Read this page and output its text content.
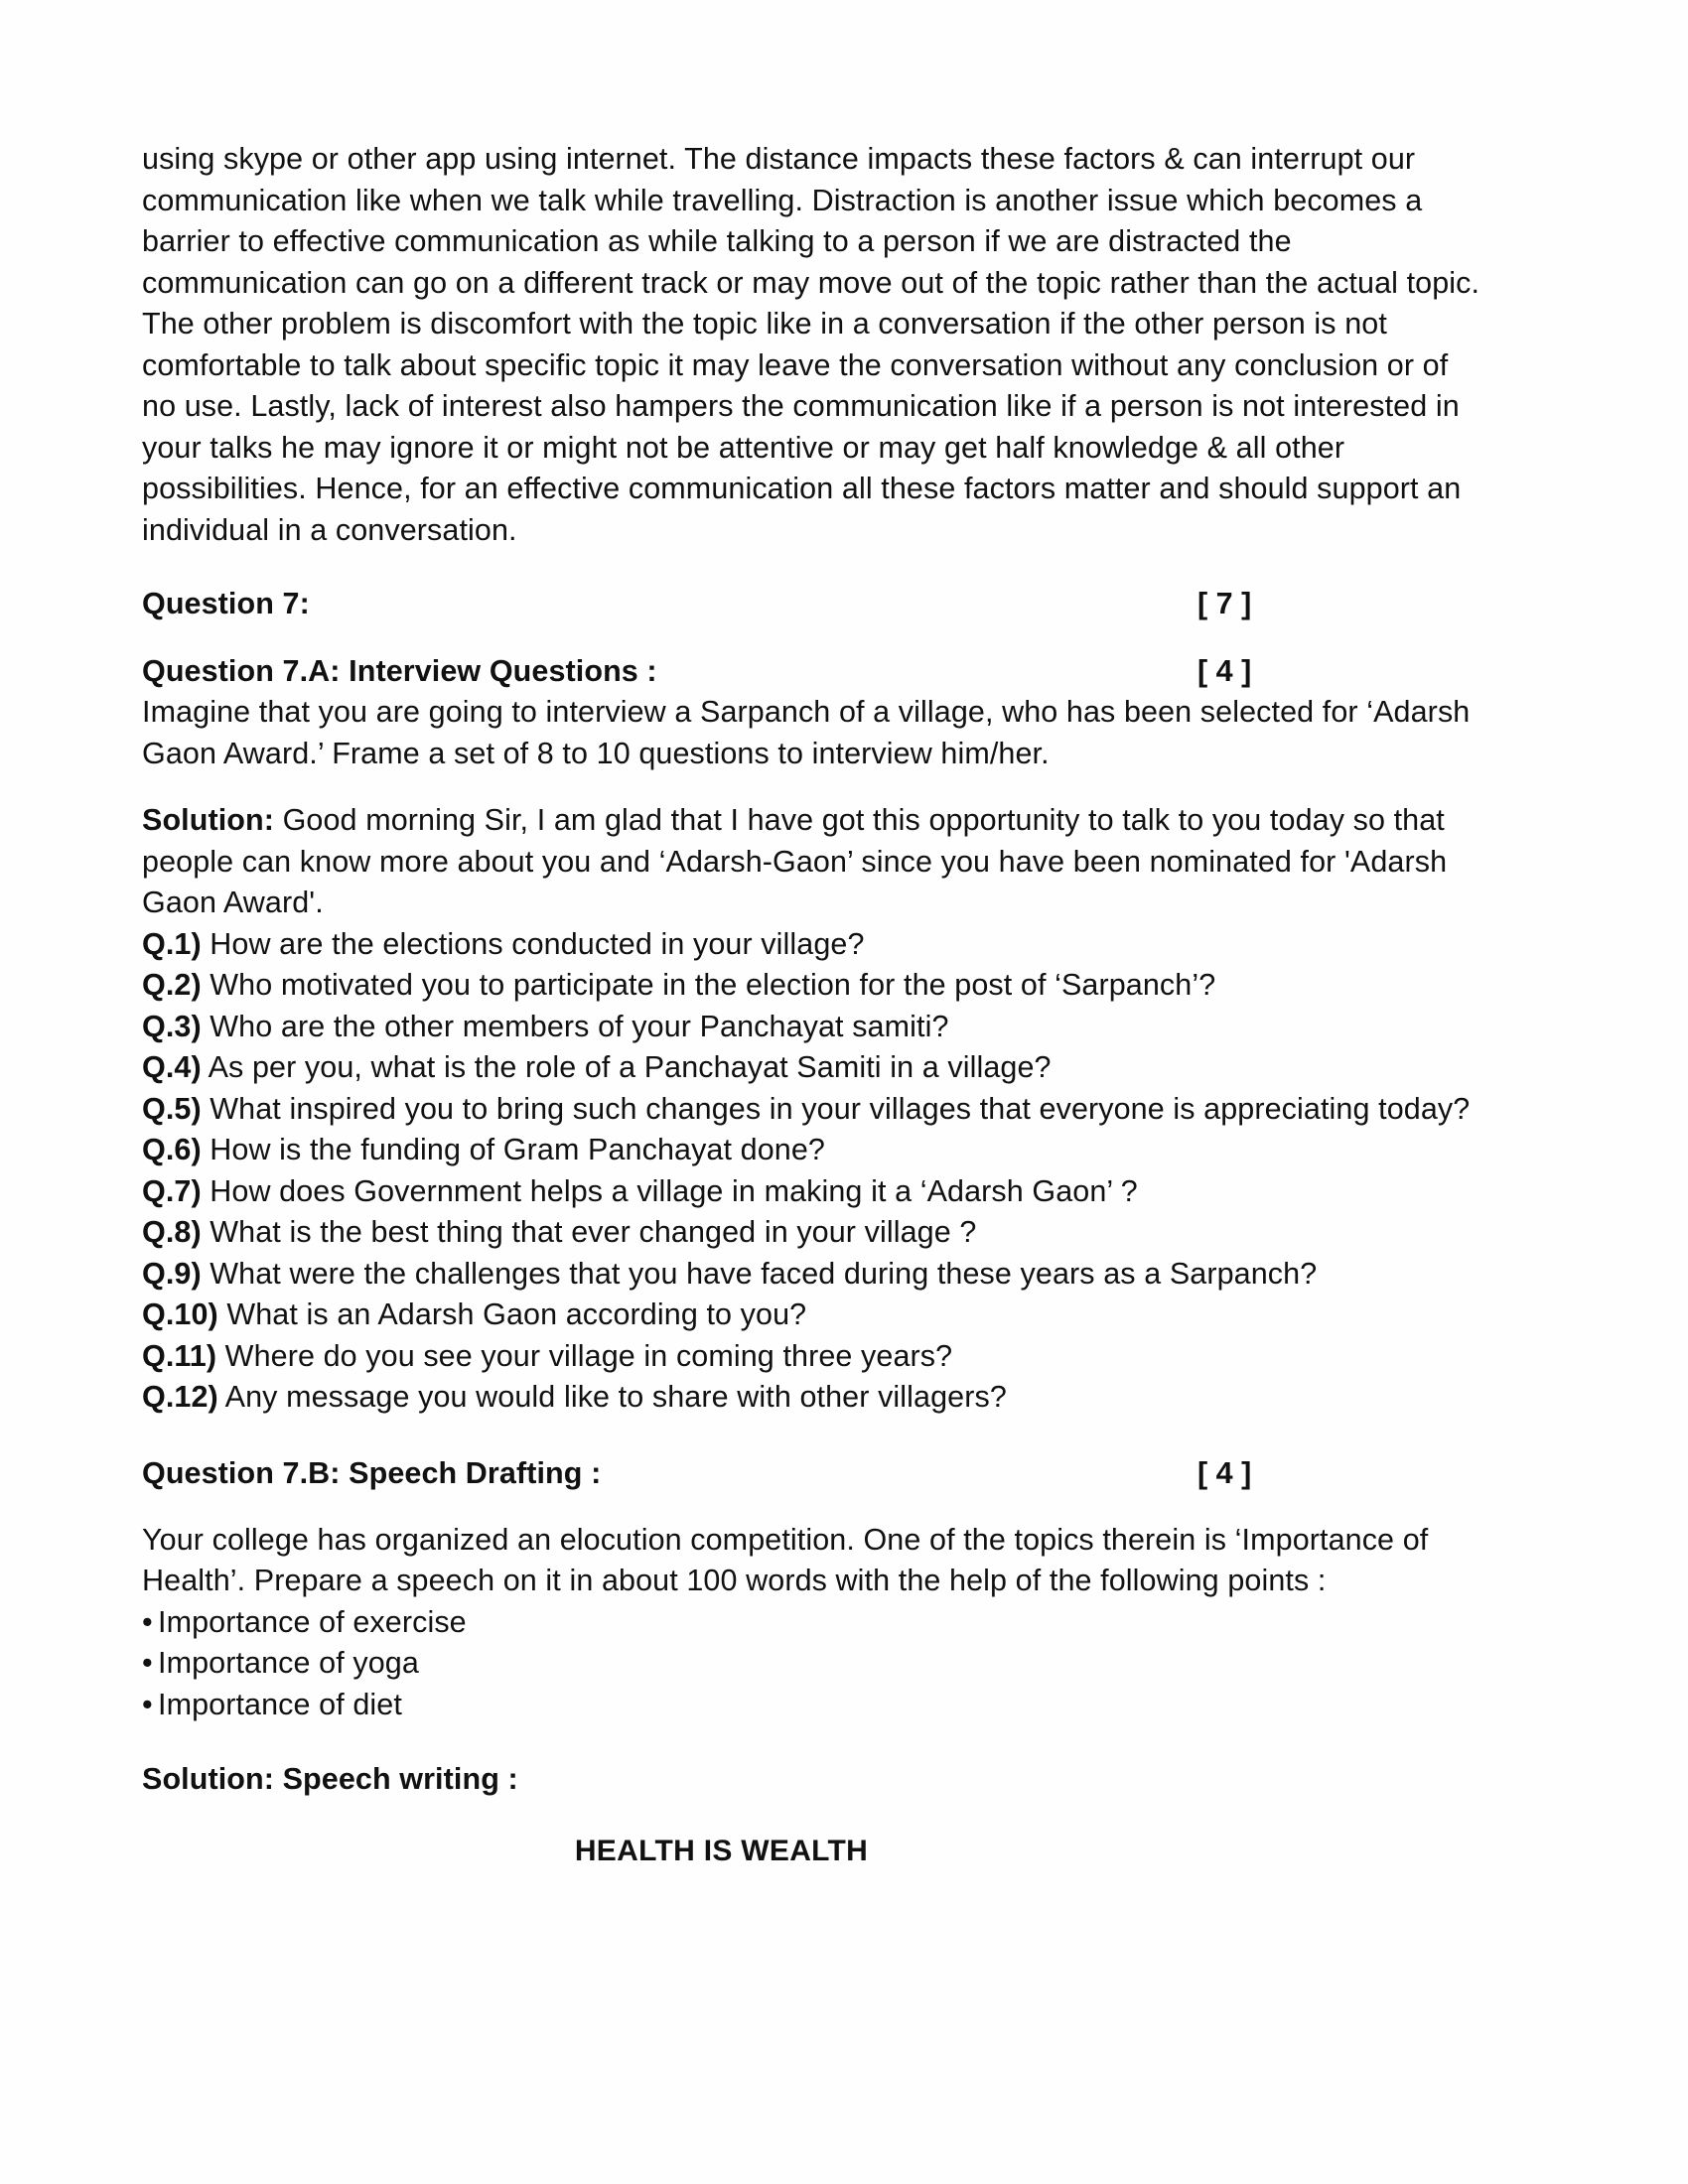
using skype or other app using internet. The distance impacts these factors & can interrupt our communication like when we talk while travelling. Distraction is another issue which becomes a barrier to effective communication as while talking to a person if we are distracted the communication can go on a different track or may move out of the topic rather than the actual topic. The other problem is discomfort with the topic like in a conversation if the other person is not comfortable to talk about specific topic it may leave the conversation without any conclusion or of no use. Lastly, lack of interest also hampers the communication like if a person is not interested in your talks he may ignore it or might not be attentive or may get half knowledge & all other possibilities. Hence, for an effective communication all these factors matter and should support an individual in a conversation.

Question 7:	[ 7 ]
Question 7.A: Interview Questions :	[ 4 ]

Imagine that you are going to interview a Sarpanch of a village, who has been selected for ‘Adarsh Gaon Award.’ Frame a set of 8 to 10 questions to interview him/her.

Solution: Good morning Sir, I am glad that I have got this opportunity to talk to you today so that people can know more about you and ‘Adarsh-Gaon’ since you have been nominated for 'Adarsh Gaon Award'.

Q.1) How are the elections conducted in your village?

Q.2) Who motivated you to participate in the election for the post of ‘Sarpanch’?

Q.3) Who are the other members of your Panchayat samiti?

Q.4) As per you, what is the role of a Panchayat Samiti in a village?

Q.5) What inspired you to bring such changes in your villages that everyone is appreciating today?

Q.6) How is the funding of Gram Panchayat done?

Q.7) How does Government helps a village in making it a ‘Adarsh Gaon’ ?

Q.8) What is the best thing that ever changed in your village ?

Q.9) What were the challenges that you have faced during these years as a Sarpanch?

Q.10) What is an Adarsh Gaon according to you?

Q.11) Where do you see your village in coming three years?

Q.12) Any message you would like to share with other villagers?

Question 7.B: Speech Drafting :	[ 4 ]

Your college has organized an elocution competition. One of the topics therein is ‘Importance of Health’. Prepare a speech on it in about 100 words with the help of the following points :

• Importance of exercise

• Importance of yoga

• Importance of diet

Solution: Speech writing :

HEALTH IS WEALTH
